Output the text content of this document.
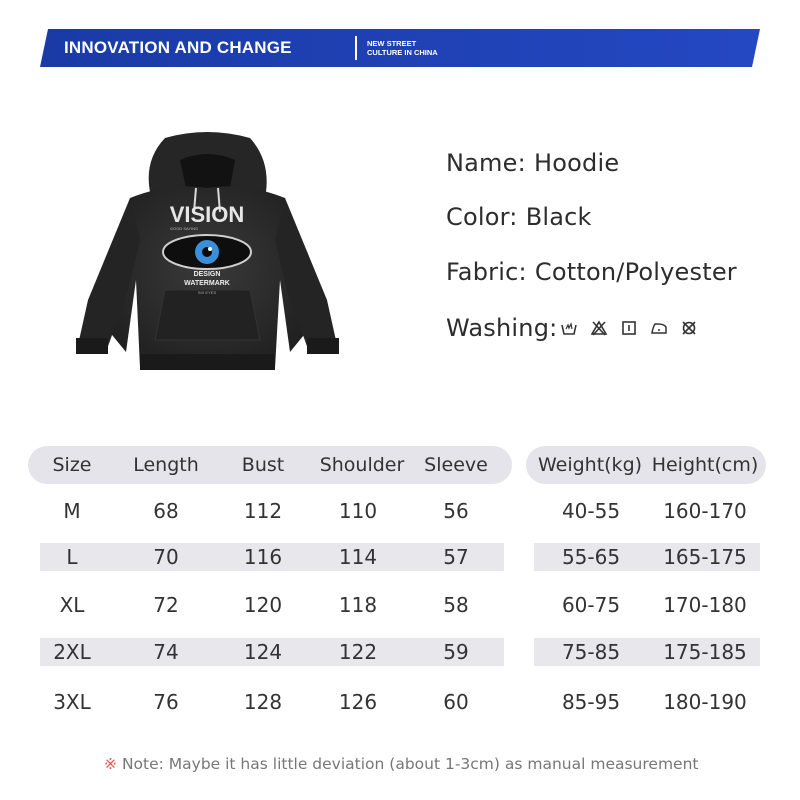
INNOVATION AND CHANGE	NEW STREET
CULTURE IN CHINA
VISION
GOOD SAYING
DESIGN
WATERMARK
SIX EYES
Name: Hoodie
Color: Black
Fabric: Cotton/Polyester
Washing:
Size	Length	Bust	Shoulder	Sleeve
M	68	112	110	56
L	70	116	114	57
XL	72	120	118	58
2XL	74	124	122	59
3XL	76	128	126	60
Weight(kg) Height(cm)
40-55	160-170
55-65	165-175
60-75	170-180
75-85	175-185
85-95	180-190
※ Note: Maybe it has little deviation (about 1-3cm) as manual measurement
